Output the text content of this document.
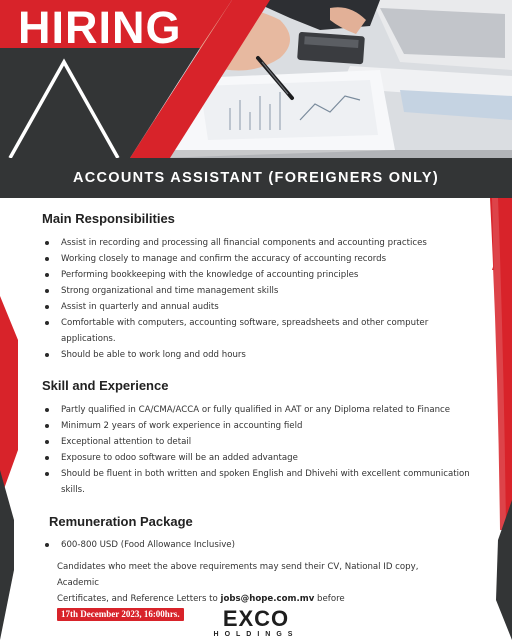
HIRING
ACCOUNTS ASSISTANT (FOREIGNERS ONLY)
Main Responsibilities
Assist in recording and processing all financial components and accounting practices
Working closely to manage and confirm the accuracy of accounting records
Performing bookkeeping with the knowledge of accounting principles
Strong organizational and time management skills
Assist in quarterly and annual audits
Comfortable with computers, accounting software, spreadsheets and other computer
applications.
Should be able to work long and odd hours
Skill and Experience
Partly qualified in CA/CMA/ACCA or fully qualified in AAT or any Diploma related to Finance
Minimum 2 years of work experience in accounting field
Exceptional attention to detail
Exposure to odoo software will be an added advantage
Should be fluent in both written and spoken English and Dhivehi with excellent communication
skills.
Remuneration Package
600-800 USD (Food Allowance Inclusive)
Candidates who meet the above requirements may send their CV, National ID copy, Academic
Certificates, and Reference Letters to jobs@hope.com.mv before 17th December 2023, 16:00hrs.	EXCO
HOLDINGS
